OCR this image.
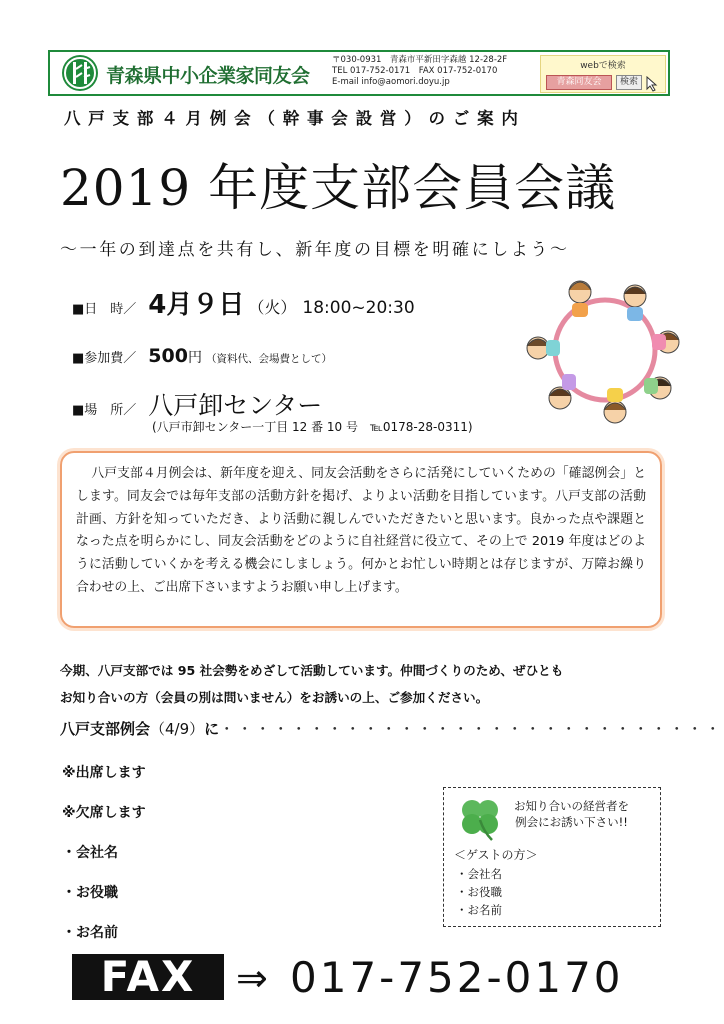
青森県中小企業家同友会
〒030-0931　青森市平新田字森越 12-28-2F
TEL 017-752-0171　FAX 017-752-0170
E-mail info@aomori.doyu.jp
webで検索
青森同友会	検索
八戸支部４月例会（幹事会設営）のご案内
2019 年度支部会員会議
〜一年の到達点を共有し、新年度の目標を明確にしよう〜
■日　時／ 4月９日 （火） 18:00~20:30
■参加費／ 500円 （資料代、会場費として）
■場　所／ 八戸卸センター
(八戸市卸センター一丁目 12 番 10 号　℡0178-28-0311)

八戸支部４月例会は、新年度を迎え、同友会活動をさらに活発にしていくための「確認例会」とします。同友会では毎年支部の活動方針を掲げ、よりよい活動を目指しています。八戸支部の活動計画、方針を知っていただき、より活動に親しんでいただきたいと思います。良かった点や課題となった点を明らかにし、同友会活動をどのように自社経営に役立て、その上で 2019 年度はどのように活動していくかを考える機会にしましょう。何かとお忙しい時期とは存じますが、万障お繰り合わせの上、ご出席下さいますようお願い申し上げます。

今期、八戸支部では 95 社会勢をめざして活動しています。仲間づくりのため、ぜひとも
お知り合いの方（会員の別は問いません）をお誘いの上、ご参加ください。
八戸支部例会（4/9）に・・・・・・・・・・・・・・・・・・・・・・・・・・・・
※出席します
※欠席します
・会社名
・お役職
・お名前
お知り合いの経営者を
例会にお誘い下さい!!
＜ゲストの方＞
・会社名
・お役職
・お名前
FAX	⇒ 017-752-0170
